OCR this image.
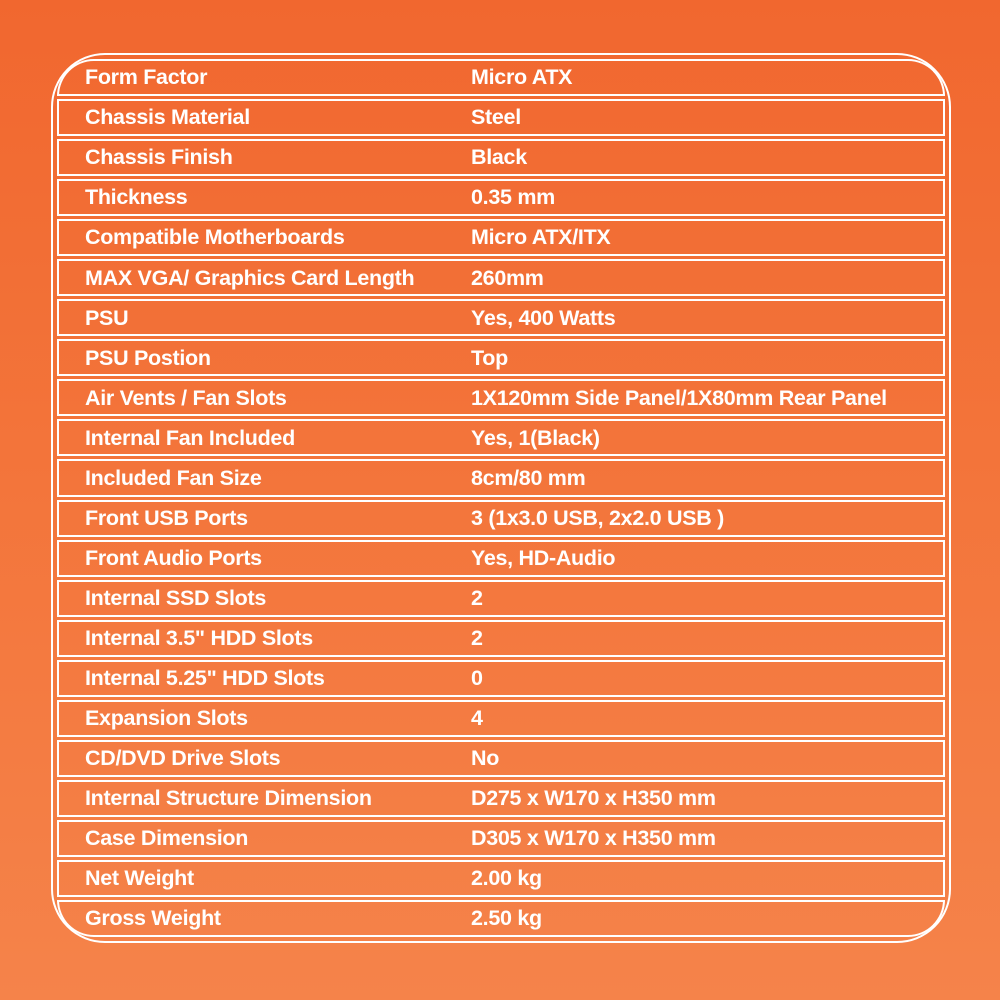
Form Factor	Micro ATX
Chassis Material	Steel
Chassis Finish	Black
Thickness	0.35 mm
Compatible Motherboards	Micro ATX/ITX
MAX VGA/ Graphics Card Length	260mm
PSU	Yes, 400 Watts
PSU Postion	Top
Air Vents / Fan Slots	1X120mm Side Panel/1X80mm Rear Panel
Internal Fan Included	Yes, 1(Black)
Included Fan Size	8cm/80 mm
Front USB Ports	3 (1x3.0 USB, 2x2.0 USB )
Front Audio Ports	Yes, HD-Audio
Internal SSD Slots	2
Internal 3.5" HDD Slots	2
Internal 5.25" HDD Slots	0
Expansion Slots	4
CD/DVD Drive Slots	No
Internal Structure Dimension	D275 x W170 x H350 mm
Case Dimension	D305 x W170 x H350 mm
Net Weight	2.00 kg
Gross Weight	2.50 kg
